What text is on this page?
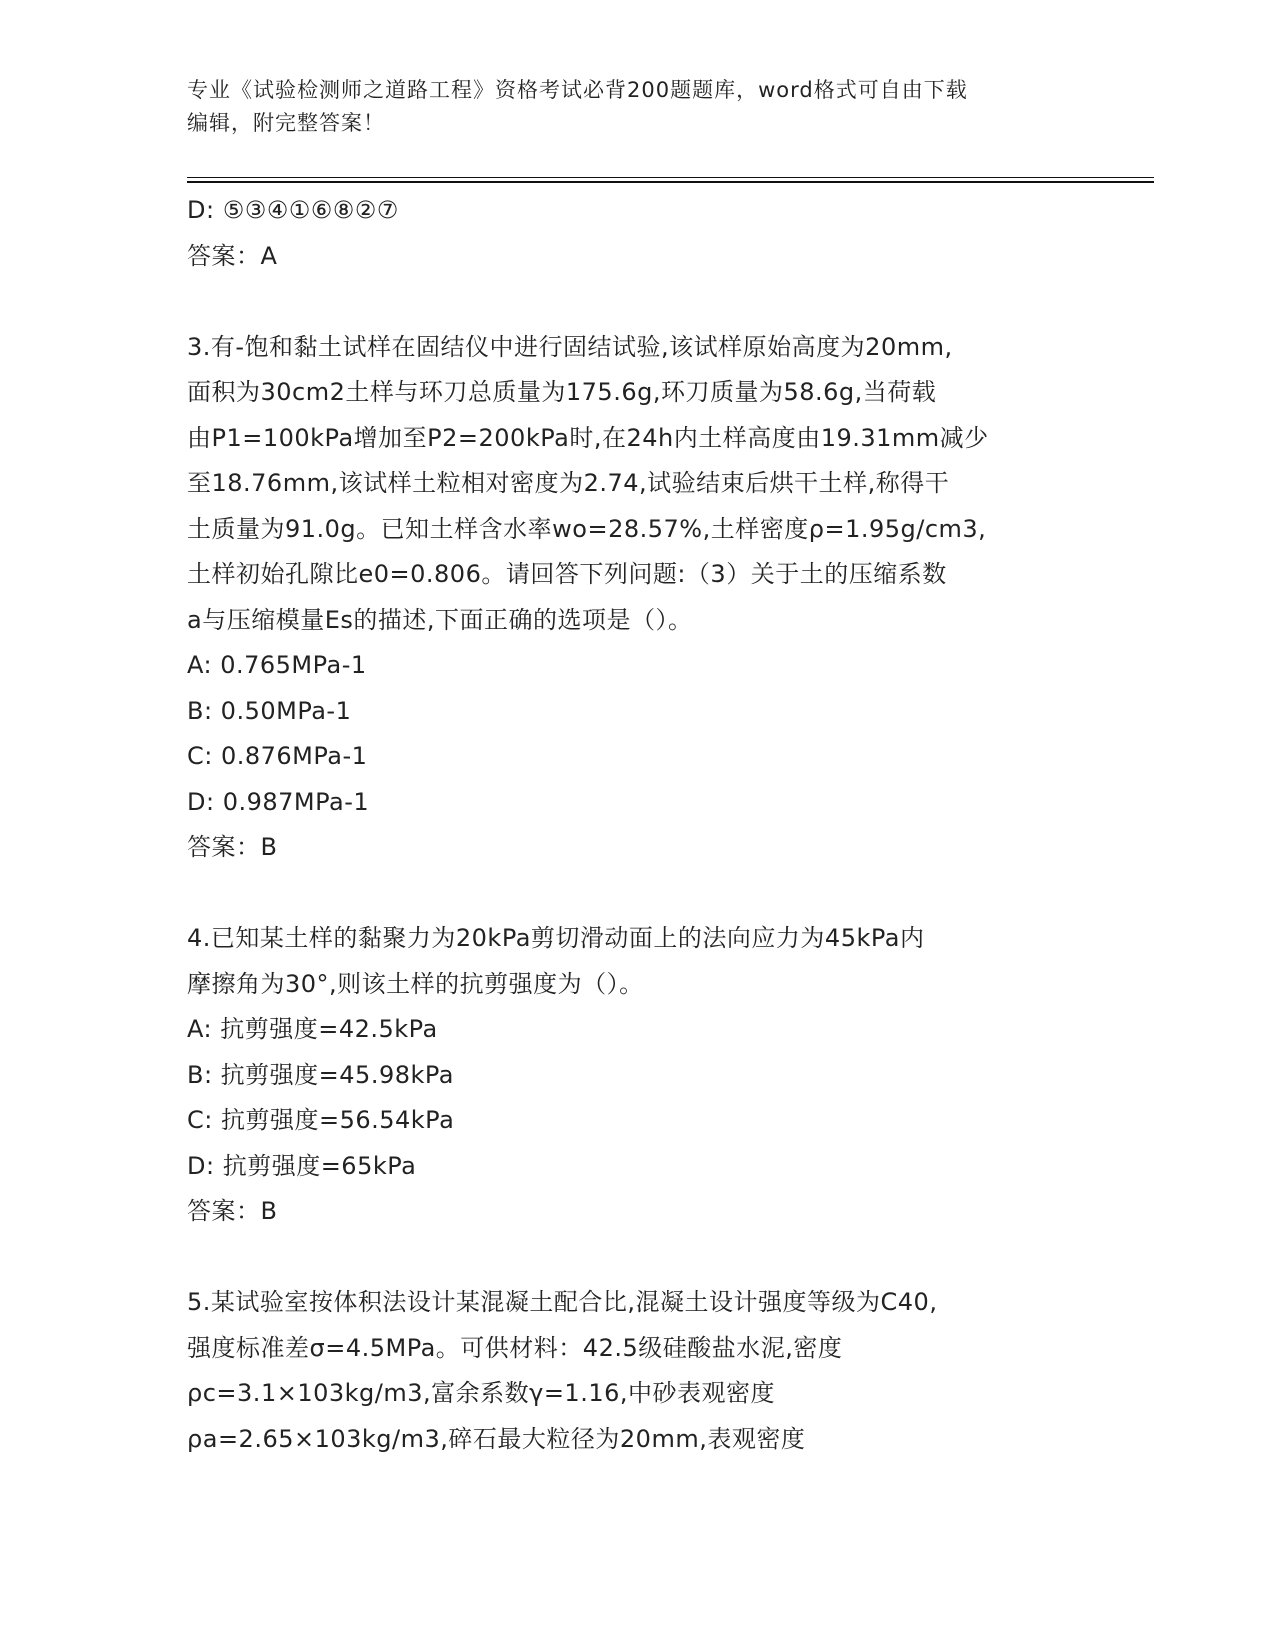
专业《试验检测师之道路工程》资格考试必背200题题库，word格式可自由下载
编辑，附完整答案！
D: ⑤③④①⑥⑧②⑦
答案：A
3.有-饱和黏土试样在固结仪中进行固结试验,该试样原始高度为20mm,
面积为30cm2土样与环刀总质量为175.6g,环刀质量为58.6g,当荷载
由P1=100kPa增加至P2=200kPa时,在24h内土样高度由19.31mm减少
至18.76mm,该试样土粒相对密度为2.74,试验结束后烘干土样,称得干
土质量为91.0g。已知土样含水率wo=28.57%,土样密度ρ=1.95g/cm3,
土样初始孔隙比e0=0.806。请回答下列问题:（3）关于土的压缩系数
a与压缩模量Es的描述,下面正确的选项是（）。
A: 0.765MPa-1
B: 0.50MPa-1
C: 0.876MPa-1
D: 0.987MPa-1
答案：B
4.已知某土样的黏聚力为20kPa剪切滑动面上的法向应力为45kPa内
摩擦角为30°,则该土样的抗剪强度为（）。
A: 抗剪强度=42.5kPa
B: 抗剪强度=45.98kPa
C: 抗剪强度=56.54kPa
D: 抗剪强度=65kPa
答案：B
5.某试验室按体积法设计某混凝土配合比,混凝土设计强度等级为C40,
强度标准差σ=4.5MPa。可供材料：42.5级硅酸盐水泥,密度
ρc=3.1×103kg/m3,富余系数γ=1.16,中砂表观密度
ρa=2.65×103kg/m3,碎石最大粒径为20mm,表观密度
